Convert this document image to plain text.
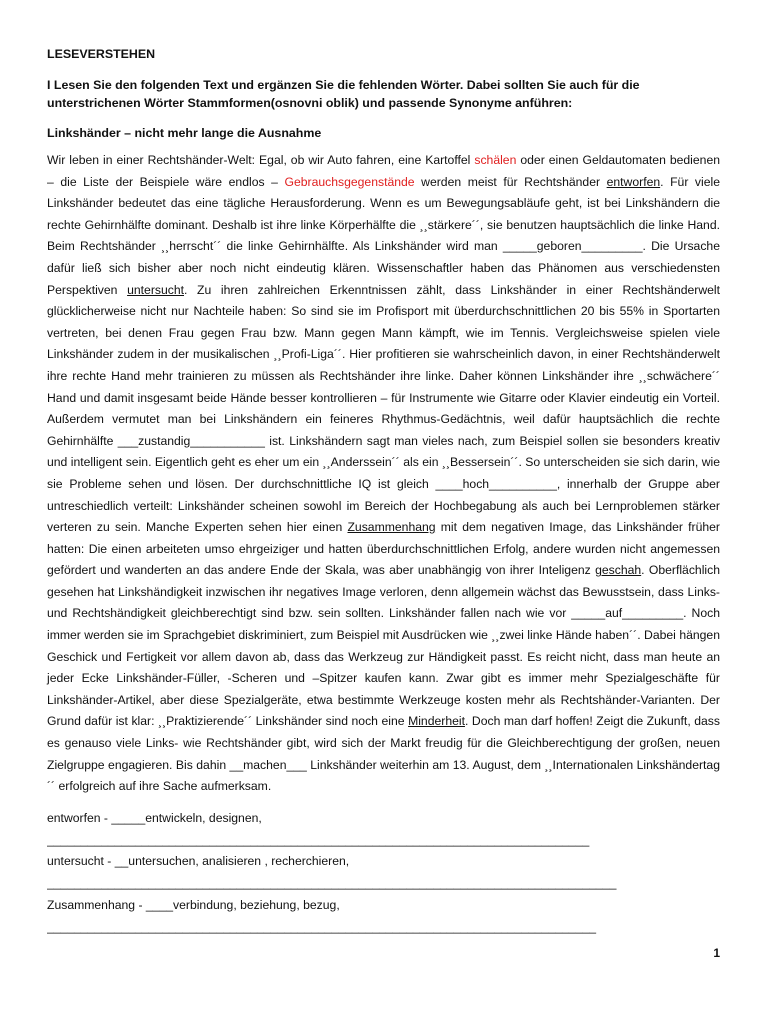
LESEVERSTEHEN
I Lesen Sie den folgenden Text und ergänzen Sie die fehlenden Wörter. Dabei sollten Sie auch für die unterstrichenen Wörter Stammformen(osnovni oblik) und passende Synonyme anführen:
Linkshänder – nicht mehr lange die Ausnahme

Wir leben in einer Rechtshänder-Welt: Egal, ob wir Auto fahren, eine Kartoffel schälen oder einen Geldautomaten bedienen – die Liste der Beispiele wäre endlos – Gebrauchsgegenstände werden meist für Rechtshänder entworfen. Für viele Linkshänder bedeutet das eine tägliche Herausforderung. Wenn es um Bewegungsabläufe geht, ist bei Linkshändern die rechte Gehirnhälfte dominant. Deshalb ist ihre linke Körperhälfte die ¸¸stärkere´´, sie benutzen hauptsächlich die linke Hand. Beim Rechtshänder ¸¸herrscht´´ die linke Gehirnhälfte. Als Linkshänder wird man _____geboren_________. Die Ursache dafür ließ sich bisher aber noch nicht eindeutig klären. Wissenschaftler haben das Phänomen aus verschiedensten Perspektiven untersucht. Zu ihren zahlreichen Erkenntnissen zählt, dass Linkshänder in einer Rechtshänderwelt glücklicherweise nicht nur Nachteile haben: So sind sie im Profisport mit überdurchschnittlichen 20 bis 55% in Sportarten vertreten, bei denen Frau gegen Frau bzw. Mann gegen Mann kämpft, wie im Tennis. Vergleichsweise spielen viele Linkshänder zudem in der musikalischen ¸¸Profi-Liga´´. Hier profitieren sie wahrscheinlich davon, in einer Rechtshänderwelt ihre rechte Hand mehr trainieren zu müssen als Rechtshänder ihre linke. Daher können Linkshänder ihre ¸¸schwächere´´ Hand und damit insgesamt beide Hände besser kontrollieren – für Instrumente wie Gitarre oder Klavier eindeutig ein Vorteil. Außerdem vermutet man bei Linkshändern ein feineres Rhythmus-Gedächtnis, weil dafür hauptsächlich die rechte Gehirnhälfte ___zustandig___________ ist. Linkshändern sagt man vieles nach, zum Beispiel sollen sie besonders kreativ und intelligent sein. Eigentlich geht es eher um ein ¸¸Anderssein´´ als ein ¸¸Bessersein´´. So unterscheiden sie sich darin, wie sie Probleme sehen und lösen. Der durchschnittliche IQ ist gleich ____hoch__________, innerhalb der Gruppe aber untreschiedlich verteilt: Linkshänder scheinen sowohl im Bereich der Hochbegabung als auch bei Lernproblemen stärker verteren zu sein. Manche Experten sehen hier einen Zusammenhang mit dem negativen Image, das Linkshänder früher hatten: Die einen arbeiteten umso ehrgeiziger und hatten überdurchschnittlichen Erfolg, andere wurden nicht angemessen gefördert und wanderten an das andere Ende der Skala, was aber unabhängig von ihrer Inteligenz geschah. Oberflächlich gesehen hat Linkshändigkeit inzwischen ihr negatives Image verloren, denn allgemein wächst das Bewusstsein, dass Links- und Rechtshändigkeit gleichberechtigt sind bzw. sein sollten. Linkshänder fallen nach wie vor _____auf_________. Noch immer werden sie im Sprachgebiet diskriminiert, zum Beispiel mit Ausdrücken wie ¸¸zwei linke Hände haben´´. Dabei hängen Geschick und Fertigkeit vor allem davon ab, dass das Werkzeug zur Händigkeit passt. Es reicht nicht, dass man heute an jeder Ecke Linkshänder-Füller, -Scheren und –Spitzer kaufen kann. Zwar gibt es immer mehr Spezialgeschäfte für Linkshänder-Artikel, aber diese Spezialgeräte, etwa bestimmte Werkzeuge kosten mehr als Rechtshänder-Varianten. Der Grund dafür ist klar: ¸¸Praktizierende´´ Linkshänder sind noch eine Minderheit. Doch man darf hoffen! Zeigt die Zukunft, dass es genauso viele Links- wie Rechtshänder gibt, wird sich der Markt freudig für die Gleichberechtigung der großen, neuen Zielgruppe engagieren. Bis dahin __machen___ Linkshänder weiterhin am 13. August, dem ¸¸Internationalen Linkshändertag´´ erfolgreich auf ihre Sache aufmerksam.

entworfen - _____entwickeln, designen,
________________________________________________________________________________
untersucht - __untersuchen, analisieren , recherchieren,
____________________________________________________________________________________
Zusammenhang - ____verbindung, beziehung, bezug,
_________________________________________________________________________________
1
